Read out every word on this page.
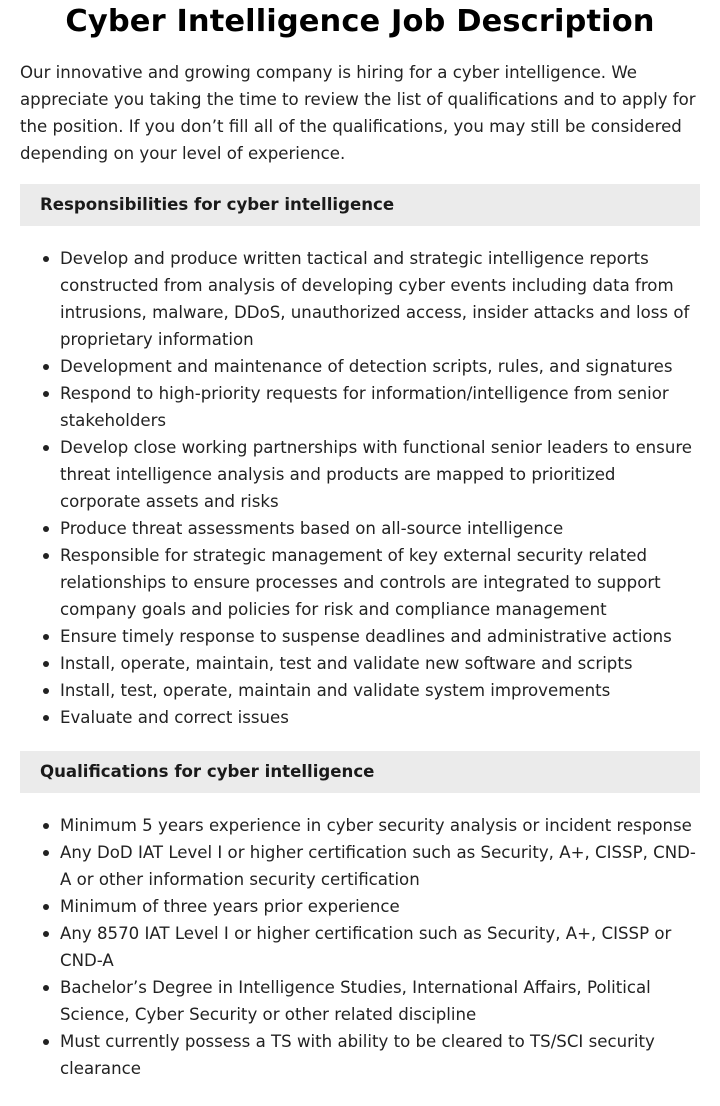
Cyber Intelligence Job Description

Our innovative and growing company is hiring for a cyber intelligence. We appreciate you taking the time to review the list of qualifications and to apply for the position. If you don’t fill all of the qualifications, you may still be considered depending on your level of experience.

Responsibilities for cyber intelligence
Develop and produce written tactical and strategic intelligence reports constructed from analysis of developing cyber events including data from intrusions, malware, DDoS, unauthorized access, insider attacks and loss of proprietary information
Development and maintenance of detection scripts, rules, and signatures
Respond to high-priority requests for information/intelligence from senior stakeholders
Develop close working partnerships with functional senior leaders to ensure threat intelligence analysis and products are mapped to prioritized corporate assets and risks
Produce threat assessments based on all-source intelligence
Responsible for strategic management of key external security related relationships to ensure processes and controls are integrated to support company goals and policies for risk and compliance management
Ensure timely response to suspense deadlines and administrative actions
Install, operate, maintain, test and validate new software and scripts
Install, test, operate, maintain and validate system improvements
Evaluate and correct issues
Qualifications for cyber intelligence
Minimum 5 years experience in cyber security analysis or incident response
Any DoD IAT Level I or higher certification such as Security, A+, CISSP, CND-A or other information security certification
Minimum of three years prior experience
Any 8570 IAT Level I or higher certification such as Security, A+, CISSP or CND-A
Bachelor’s Degree in Intelligence Studies, International Affairs, Political Science, Cyber Security or other related discipline
Must currently possess a TS with ability to be cleared to TS/SCI security clearance
